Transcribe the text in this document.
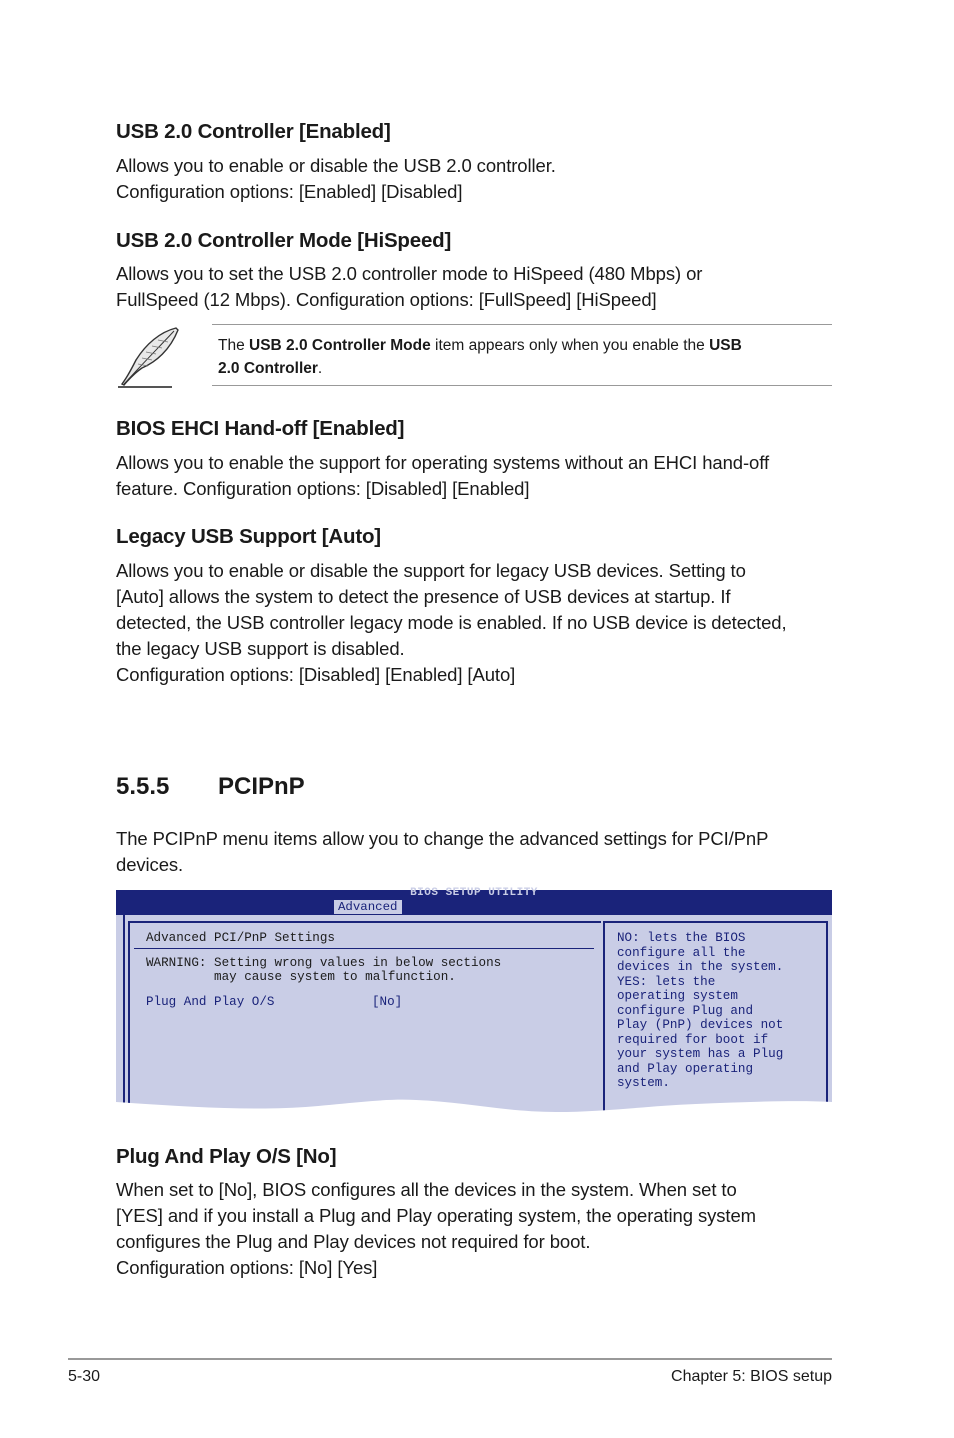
USB 2.0 Controller [Enabled]

Allows you to enable or disable the USB 2.0 controller.
Configuration options: [Enabled] [Disabled]

USB 2.0 Controller Mode [HiSpeed]

Allows you to set the USB 2.0 controller mode to HiSpeed (480 Mbps) or
FullSpeed (12 Mbps). Configuration options: [FullSpeed] [HiSpeed]

The USB 2.0 Controller Mode item appears only when you enable the USB
2.0 Controller.
BIOS EHCI Hand-off [Enabled]

Allows you to enable the support for operating systems without an EHCI hand-off
feature. Configuration options: [Disabled] [Enabled]

Legacy USB Support [Auto]

Allows you to enable or disable the support for legacy USB devices. Setting to
[Auto] allows the system to detect the presence of USB devices at startup. If
detected, the USB controller legacy mode is enabled. If no USB device is detected,
the legacy USB support is disabled.
Configuration options: [Disabled] [Enabled] [Auto]

5.5.5 PCIPnP

The PCIPnP menu items allow you to change the advanced settings for PCI/PnP
devices.

BIOS SETUP UTILITY
Advanced
Advanced PCI/PnP Settings
WARNING: Setting wrong values in below sections
may cause system to malfunction.
Plug And Play O/S	[No]
NO: lets the BIOS
configure all the
devices in the system.
YES: lets the
operating system
configure Plug and
Play (PnP) devices not
required for boot if
your system has a Plug
and Play operating
system.
Plug And Play O/S [No]

When set to [No], BIOS configures all the devices in the system. When set to
[YES] and if you install a Plug and Play operating system, the operating system
configures the Plug and Play devices not required for boot.
Configuration options: [No] [Yes]

5-30	Chapter 5: BIOS setup
